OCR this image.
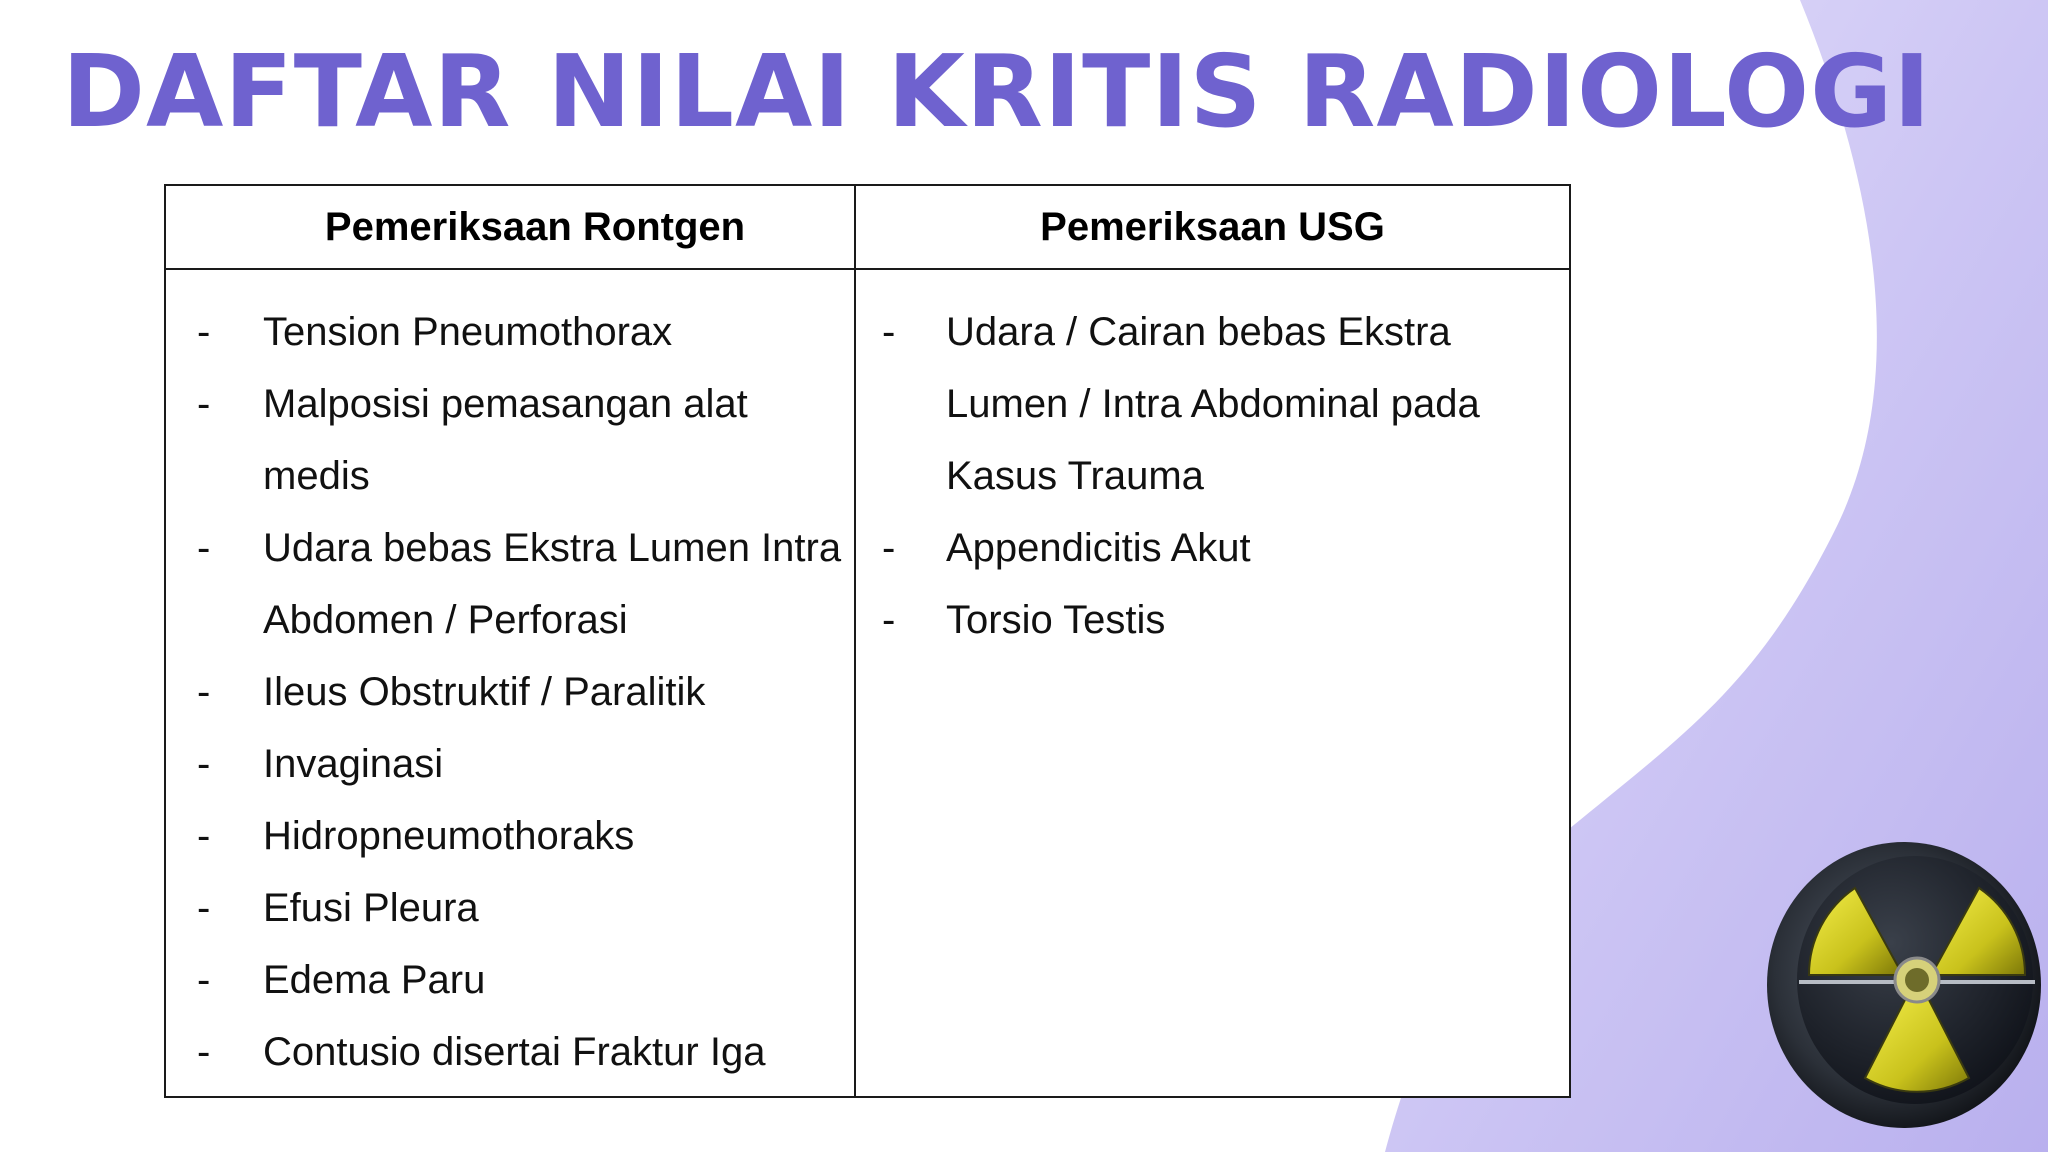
DAFTAR NILAI KRITIS RADIOLOGI
Pemeriksaan Rontgen	Pemeriksaan USG
- Tension Pneumothorax
- Malposisi pemasangan alat medis
- Udara bebas Ekstra Lumen Intra Abdomen / Perforasi
- Ileus Obstruktif / Paralitik
- Invaginasi
- Hidropneumothoraks
- Efusi Pleura
- Edema Paru
- Contusio disertai Fraktur Iga
- Udara / Cairan bebas Ekstra Lumen / Intra Abdominal pada Kasus Trauma
- Appendicitis Akut
- Torsio Testis
